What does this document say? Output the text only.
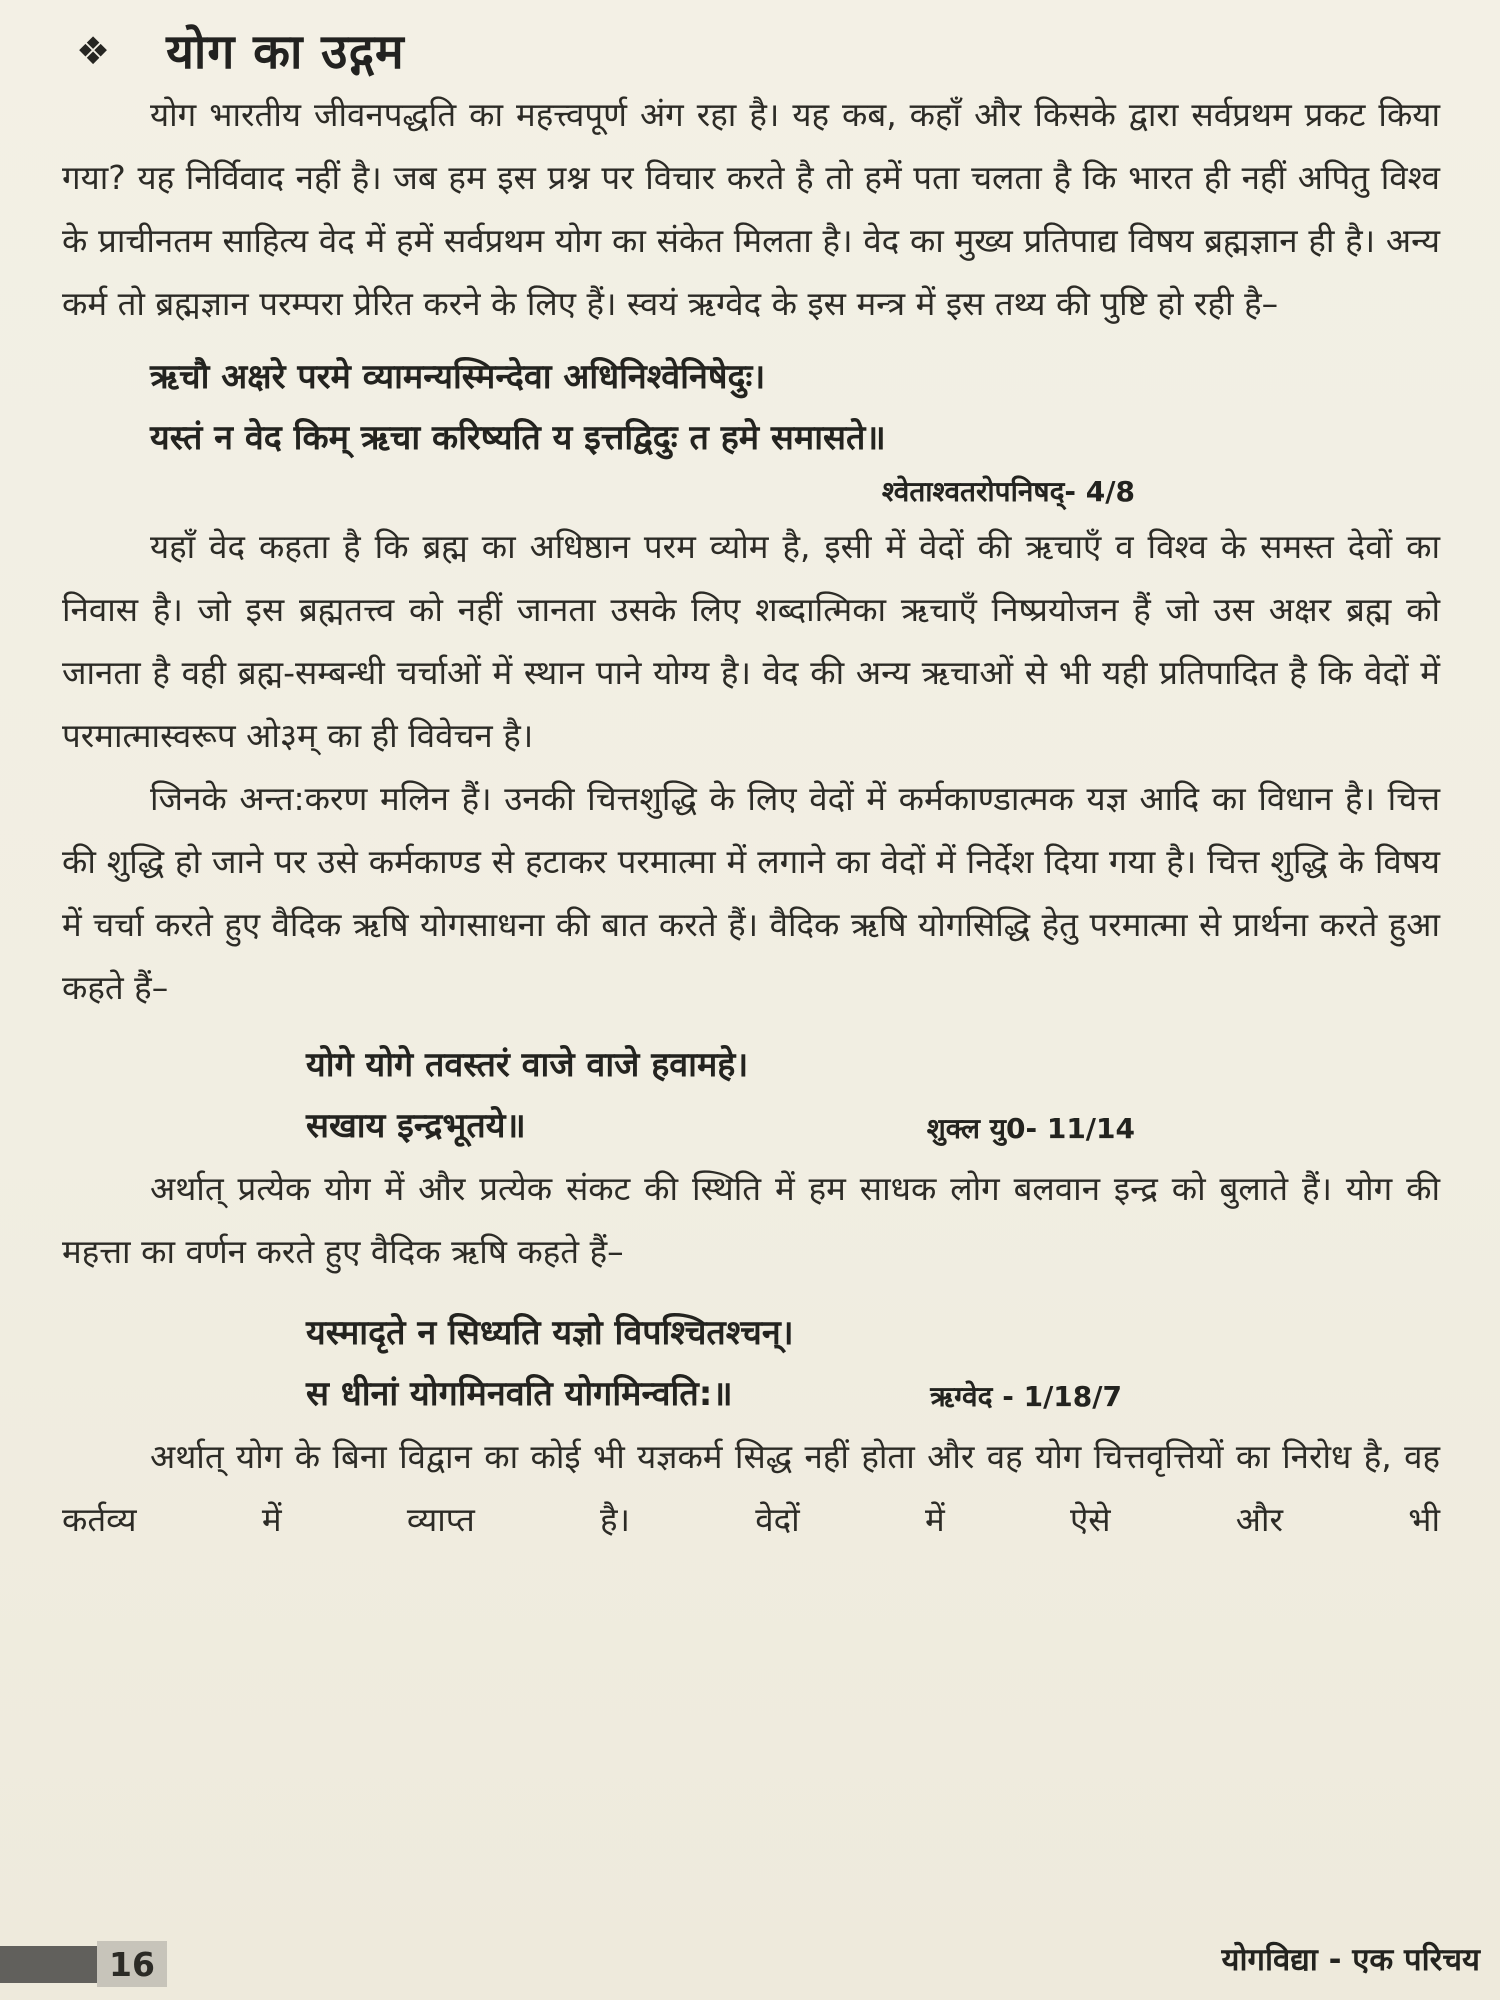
❖ योग का उद्गम

योग भारतीय जीवनपद्धति का महत्त्वपूर्ण अंग रहा है। यह कब, कहाँ और किसके द्वारा सर्वप्रथम प्रकट किया गया? यह निर्विवाद नहीं है। जब हम इस प्रश्न पर विचार करते है तो हमें पता चलता है कि भारत ही नहीं अपितु विश्व के प्राचीनतम साहित्य वेद में हमें सर्वप्रथम योग का संकेत मिलता है। वेद का मुख्य प्रतिपाद्य विषय ब्रह्मज्ञान ही है। अन्य कर्म तो ब्रह्मज्ञान परम्परा प्रेरित करने के लिए हैं। स्वयं ऋग्वेद के इस मन्त्र में इस तथ्य की पुष्टि हो रही है–

ऋचौ अक्षरे परमे व्यामन्यस्मिन्देवा अधिनिश्वेनिषेदुः।
यस्तं न वेद किम् ऋचा करिष्यति य इत्तद्विदुः त हमे समासते॥
श्वेताश्वतरोपनिषद्- 4/8

यहाँ वेद कहता है कि ब्रह्म का अधिष्ठान परम व्योम है, इसी में वेदों की ऋचाएँ व विश्व के समस्त देवों का निवास है। जो इस ब्रह्मतत्त्व को नहीं जानता उसके लिए शब्दात्मिका ऋचाएँ निष्प्रयोजन हैं जो उस अक्षर ब्रह्म को जानता है वही ब्रह्म-सम्बन्धी चर्चाओं में स्थान पाने योग्य है। वेद की अन्य ऋचाओं से भी यही प्रतिपादित है कि वेदों में परमात्मास्वरूप ओ३म् का ही विवेचन है।

जिनके अन्त:करण मलिन हैं। उनकी चित्तशुद्धि के लिए वेदों में कर्मकाण्डात्मक यज्ञ आदि का विधान है। चित्त की शुद्धि हो जाने पर उसे कर्मकाण्ड से हटाकर परमात्मा में लगाने का वेदों में निर्देश दिया गया है। चित्त शुद्धि के विषय में चर्चा करते हुए वैदिक ऋषि योगसाधना की बात करते हैं। वैदिक ऋषि योगसिद्धि हेतु परमात्मा से प्रार्थना करते हुआ कहते हैं–

योगे योगे तवस्तरं वाजे वाजे हवामहे।
सखाय इन्द्रभूतये॥	शुक्ल यु0- 11/14

अर्थात् प्रत्येक योग में और प्रत्येक संकट की स्थिति में हम साधक लोग बलवान इन्द्र को बुलाते हैं। योग की महत्ता का वर्णन करते हुए वैदिक ऋषि कहते हैं–

यस्मादृते न सिध्यति यज्ञो विपश्चितश्चन्।
स धीनां योगमिनवति योगमिन्वति:॥	ऋग्वेद - 1/18/7

अर्थात् योग के बिना विद्वान का कोई भी यज्ञकर्म सिद्ध नहीं होता और वह योग चित्तवृत्तियों का निरोध है, वह कर्तव्य में व्याप्त है। वेदों में ऐसे और भी

16	योगविद्या - एक परिचय
